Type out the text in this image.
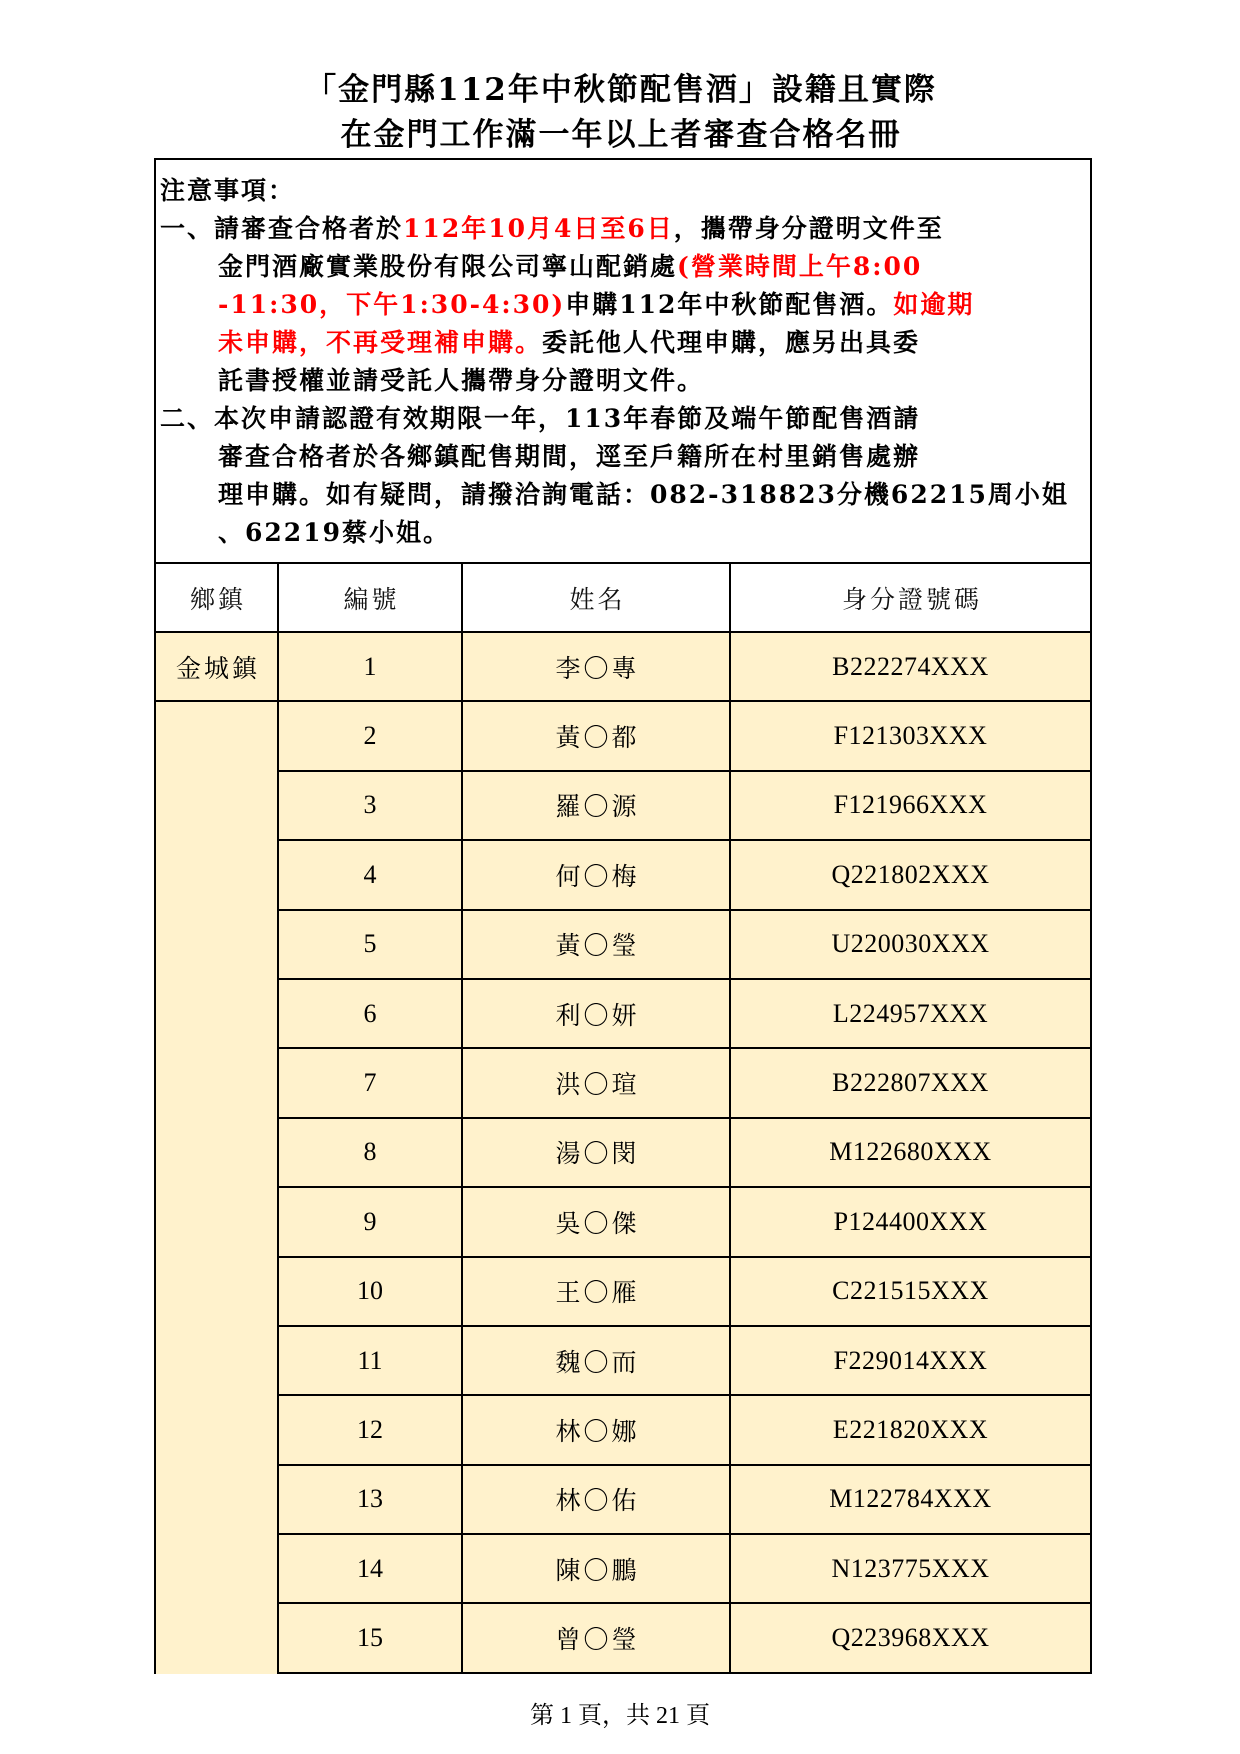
「金門縣112年中秋節配售酒」設籍且實際
在金門工作滿一年以上者審查合格名冊
注意事項：
一、請審查合格者於112年10月4日至6日，攜帶身分證明文件至
金門酒廠實業股份有限公司寧山配銷處(營業時間上午8:00
-11:30，下午1:30-4:30)申購112年中秋節配售酒。如逾期
未申購，不再受理補申購。委託他人代理申購，應另出具委
託書授權並請受託人攜帶身分證明文件。
二、本次申請認證有效期限一年，113年春節及端午節配售酒請
審查合格者於各鄉鎮配售期間，逕至戶籍所在村里銷售處辦
理申購。如有疑問，請撥洽詢電話：082-318823分機62215周小姐
、62219蔡小姐。
鄉鎮	編號	姓名	身分證號碼
金城鎮	1	李〇專	B222274XXX
2	黃〇都	F121303XXX
3	羅〇源	F121966XXX
4	何〇梅	Q221802XXX
5	黃〇瑩	U220030XXX
6	利〇妍	L224957XXX
7	洪〇瑄	B222807XXX
8	湯〇閔	M122680XXX
9	吳〇傑	P124400XXX
10	王〇雁	C221515XXX
11	魏〇而	F229014XXX
12	林〇娜	E221820XXX
13	林〇佑	M122784XXX
14	陳〇鵬	N123775XXX
15	曾〇瑩	Q223968XXX
第 1 頁，共 21 頁
